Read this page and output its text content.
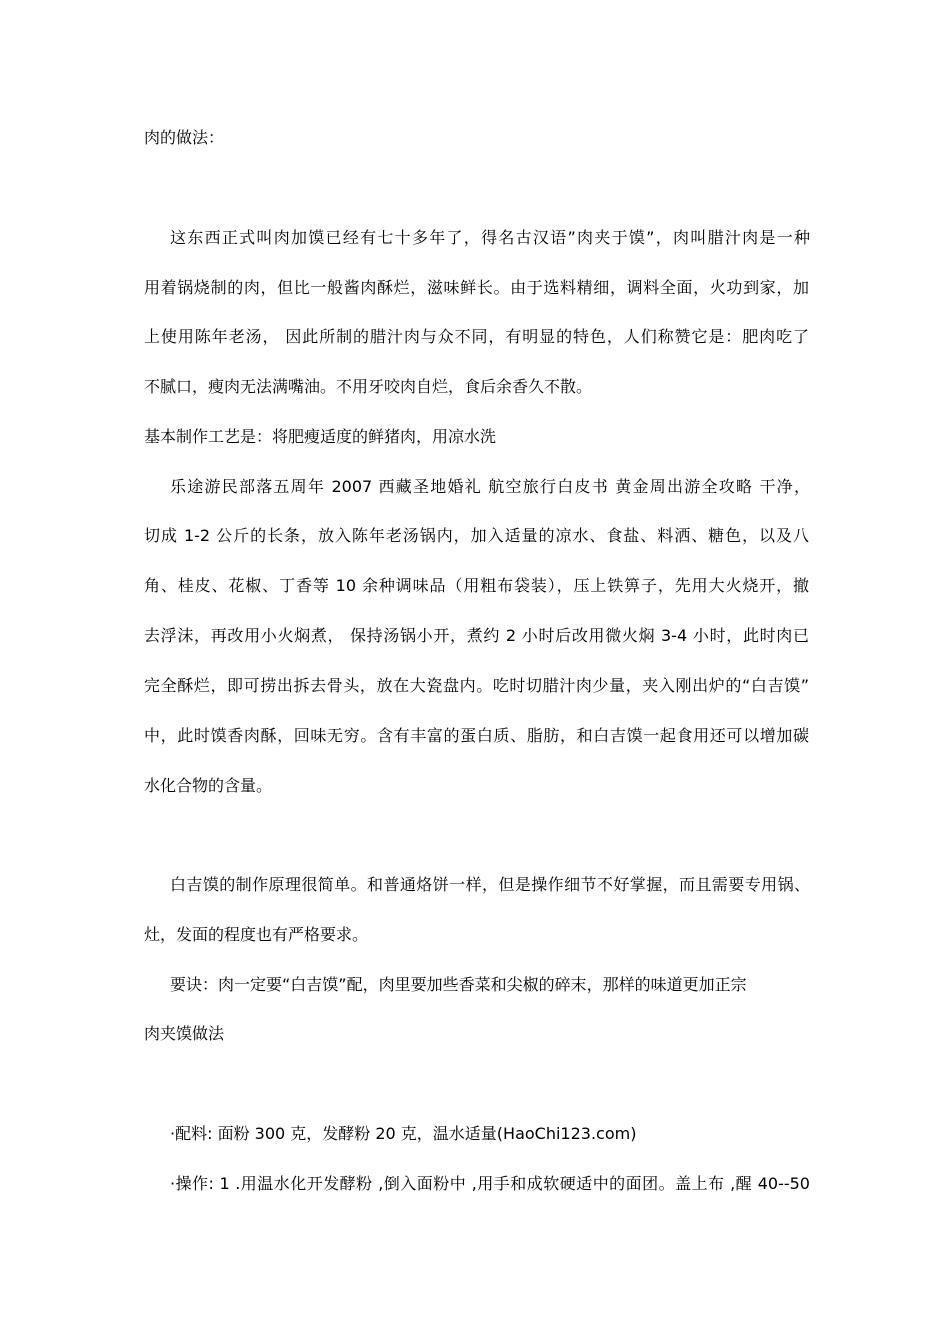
肉的做法：
这东西正式叫肉加馍已经有七十多年了，得名古汉语”肉夹于馍”，肉叫腊汁肉是一种
用着锅烧制的肉，但比一般酱肉酥烂，滋味鲜长。由于选料精细，调料全面，火功到家，加
上使用陈年老汤， 因此所制的腊汁肉与众不同，有明显的特色，人们称赞它是：肥肉吃了
不腻口，瘦肉无法满嘴油。不用牙咬肉自烂，食后余香久不散。
基本制作工艺是：将肥瘦适度的鲜猪肉，用凉水洗
乐途游民部落五周年 2007 西藏圣地婚礼 航空旅行白皮书 黄金周出游全攻略 干净，
切成 1-2 公斤的长条，放入陈年老汤锅内，加入适量的凉水、食盐、料洒、糖色，以及八
角、桂皮、花椒、丁香等 10 余种调味品（用粗布袋装），压上铁箅子，先用大火烧开，撤
去浮沫，再改用小火焖煮， 保持汤锅小开，煮约 2 小时后改用微火焖 3-4 小时，此时肉已
完全酥烂，即可捞出拆去骨头，放在大瓷盘内。吃时切腊汁肉少量，夹入刚出炉的“白吉馍”
中，此时馍香肉酥，回味无穷。含有丰富的蛋白质、脂肪，和白吉馍一起食用还可以增加碳
水化合物的含量。
白吉馍的制作原理很简单。和普通烙饼一样，但是操作细节不好掌握，而且需要专用锅、
灶，发面的程度也有严格要求。
要诀：肉一定要“白吉馍”配，肉里要加些香菜和尖椒的碎末，那样的味道更加正宗
肉夹馍做法
·配料: 面粉 300 克，发酵粉 20 克，温水适量(HaoChi123.com)
·操作: 1 .用温水化开发酵粉 ,倒入面粉中 ,用手和成软硬适中的面团。盖上布 ,醒 40--50
